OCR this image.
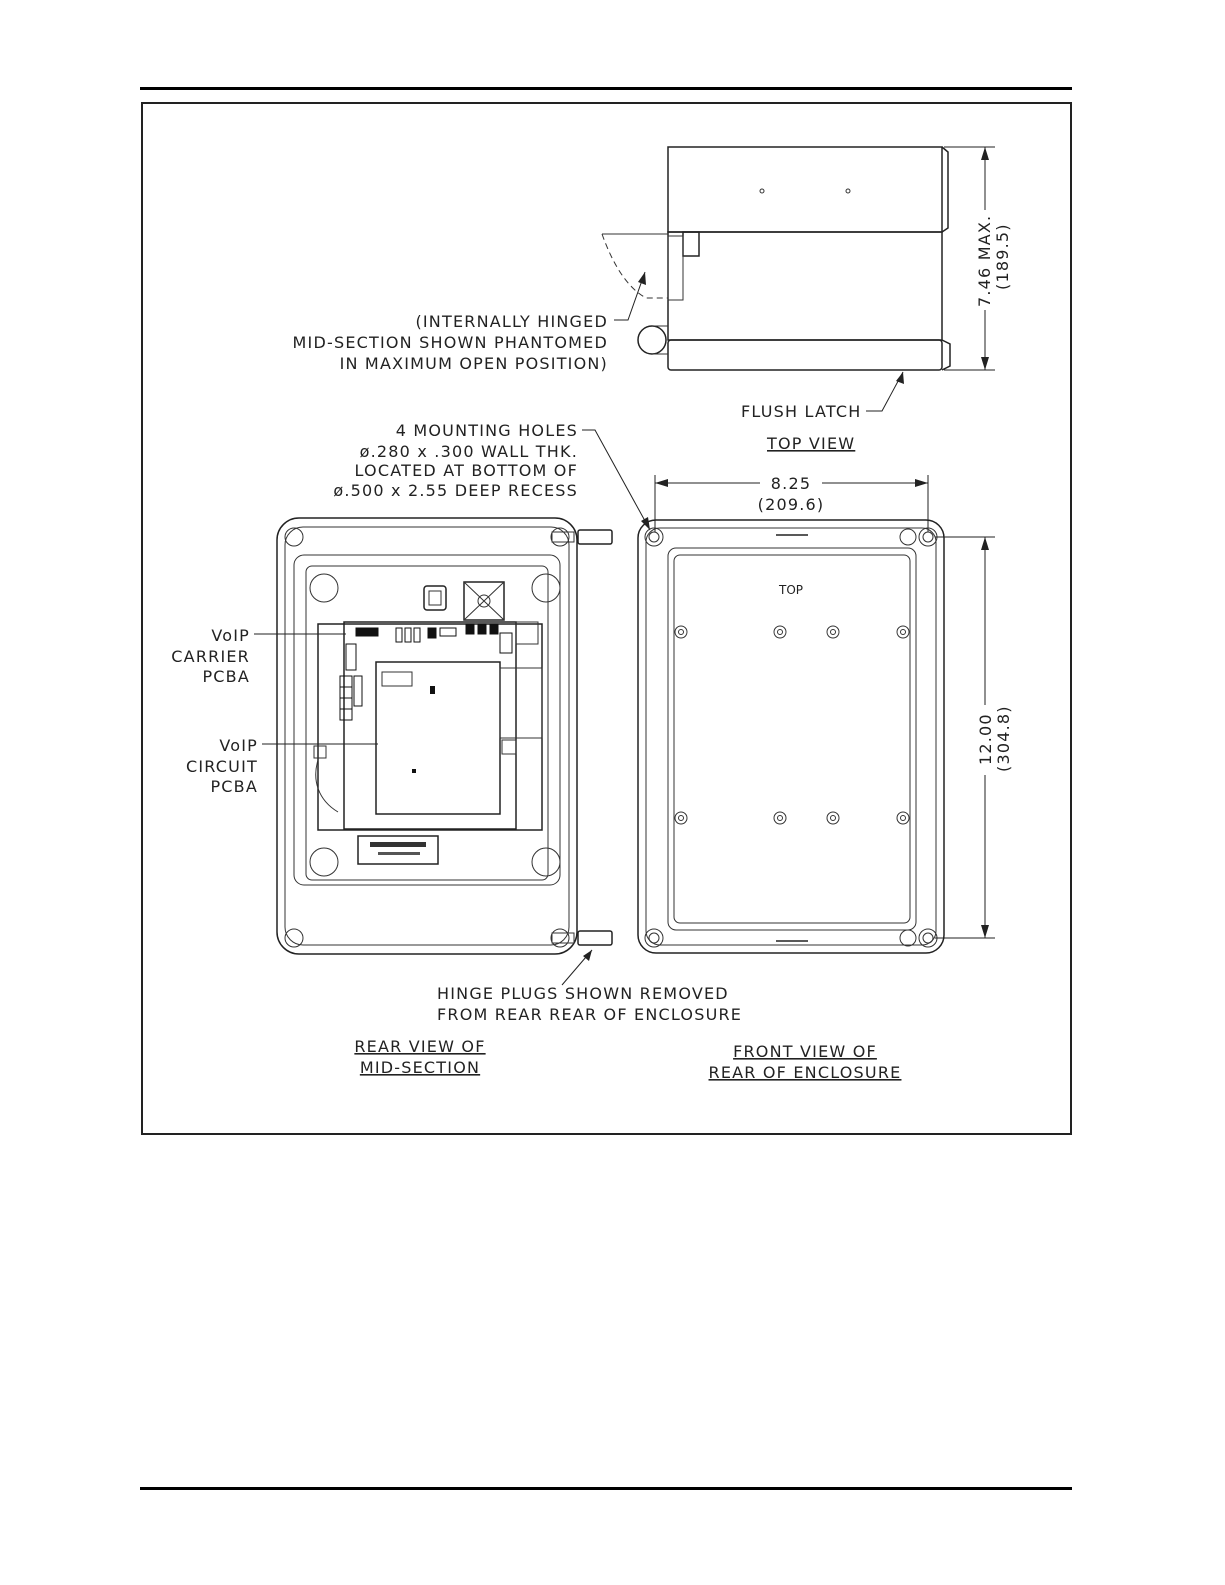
7.46 MAX. (189.5)
(INTERNALLY HINGED
MID-SECTION SHOWN PHANTOMED
IN MAXIMUM OPEN POSITION)
FLUSH LATCH
TOP VIEW
4 MOUNTING HOLES
ø.280 x .300 WALL THK.
LOCATED AT BOTTOM OF
ø.500 x 2.55 DEEP RECESS	8.25
(209.6)
TOP
12.00 (304.8)
VoIP
CARRIER
PCBA
VoIP
CIRCUIT
PCBA
HINGE PLUGS SHOWN REMOVED
FROM REAR REAR OF ENCLOSURE
REAR VIEW OF
MID-SECTION
FRONT VIEW OF
REAR OF ENCLOSURE
